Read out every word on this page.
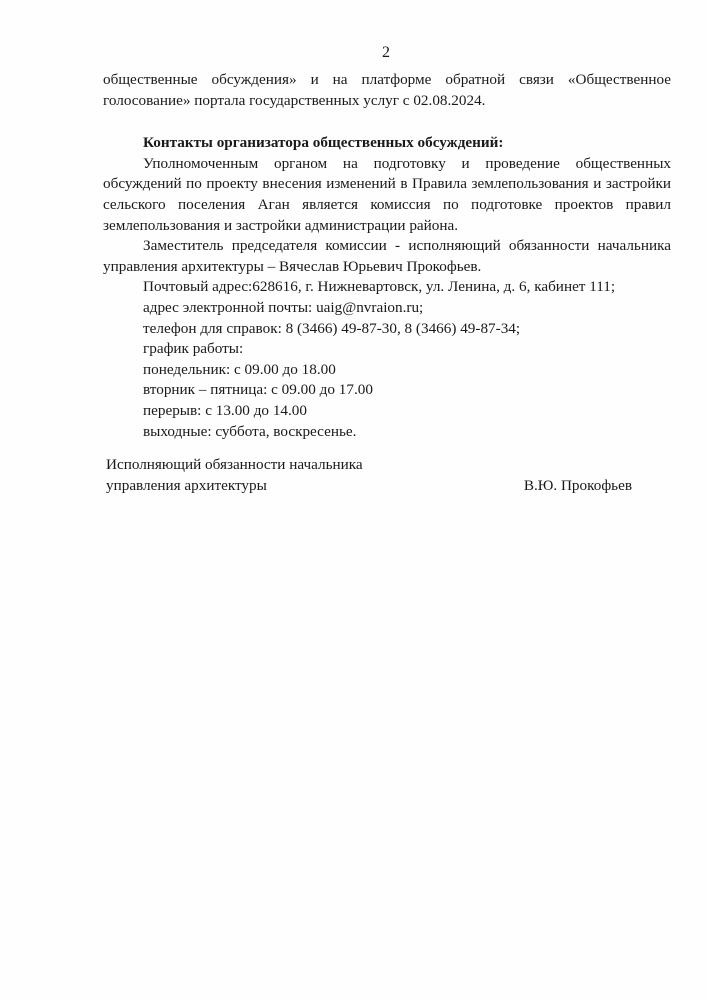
2

общественные обсуждения» и на платформе обратной связи «Общественное голосование» портала государственных услуг с 02.08.2024.

Контакты организатора общественных обсуждений:

Уполномоченным органом на подготовку и проведение общественных обсуждений по проекту внесения изменений в Правила землепользования и застройки сельского поселения Аган является комиссия по подготовке проектов правил землепользования и застройки администрации района.

Заместитель председателя комиссии - исполняющий обязанности начальника управления архитектуры – Вячеслав Юрьевич Прокофьев.

Почтовый адрес:628616, г. Нижневартовск, ул. Ленина, д. 6, кабинет 111;

адрес электронной почты: uaig@nvraion.ru;

телефон для справок: 8 (3466) 49-87-30, 8 (3466) 49-87-34;

график работы:

понедельник: с 09.00 до 18.00

вторник – пятница: с 09.00 до 17.00

перерыв: с 13.00 до 14.00

выходные: суббота, воскресенье.

Исполняющий обязанности начальника
управления архитектуры	В.Ю. Прокофьев
